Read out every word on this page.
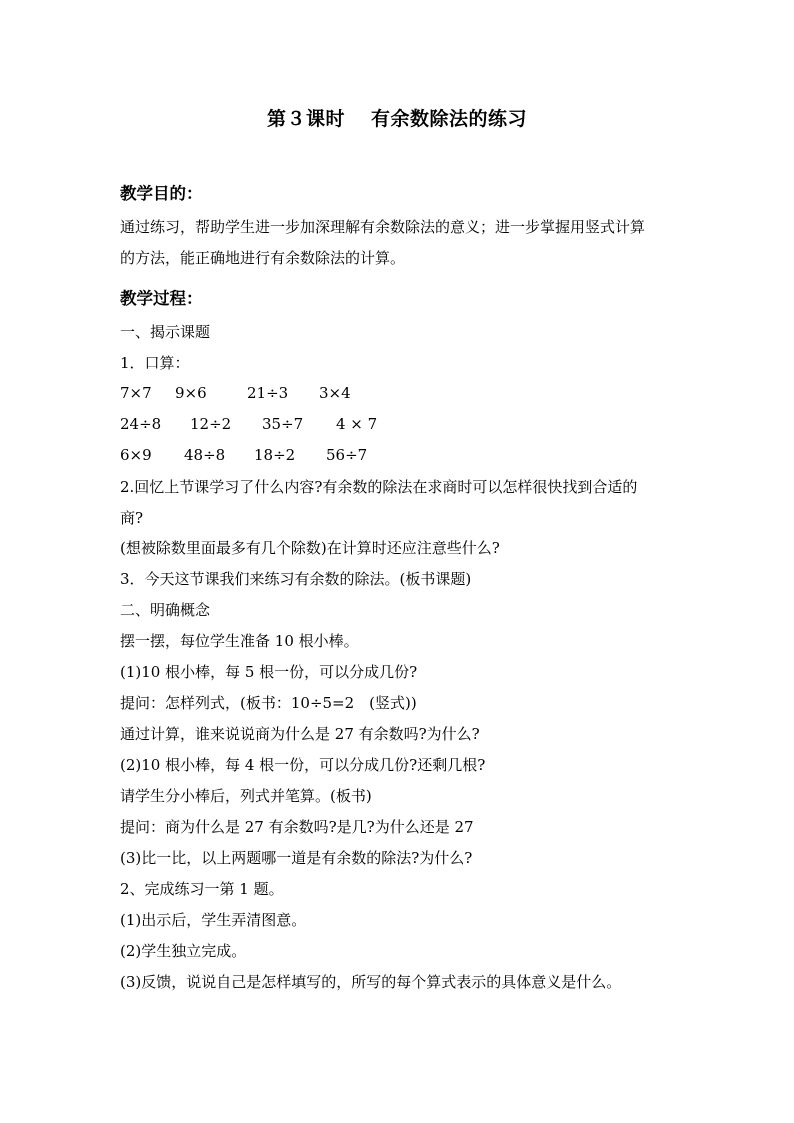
第３课时 有余数除法的练习
教学目的：
通过练习，帮助学生进一步加深理解有余数除法的意义；进一步掌握用竖式计算
的方法，能正确地进行有余数除法的计算。
教学过程：
一、揭示课题
1．口算：
7×7 9×6	21÷3 3×4
24÷8 12÷2 35÷7 4 × 7
6×9 48÷8 18÷2 56÷7
2.回忆上节课学习了什么内容?有余数的除法在求商时可以怎样很快找到合适的
商?
(想被除数里面最多有几个除数)在计算时还应注意些什么?
3．今天这节课我们来练习有余数的除法。(板书课题)
二、明确概念
摆一摆，每位学生准备 10 根小棒。
(1)10 根小棒，每 5 根一份，可以分成几份?
提问：怎样列式，(板书：10÷5=2　(竖式))
通过计算，谁来说说商为什么是 27 有余数吗?为什么?
(2)10 根小棒，每 4 根一份，可以分成几份?还剩几根?
请学生分小棒后，列式并笔算。(板书)
提问：商为什么是 27 有余数吗?是几?为什么还是 27
(3)比一比，以上两题哪一道是有余数的除法?为什么?
2、完成练习一第 1 题。
(1)出示后，学生弄清图意。
(2)学生独立完成。
(3)反馈，说说自己是怎样填写的，所写的每个算式表示的具体意义是什么。
